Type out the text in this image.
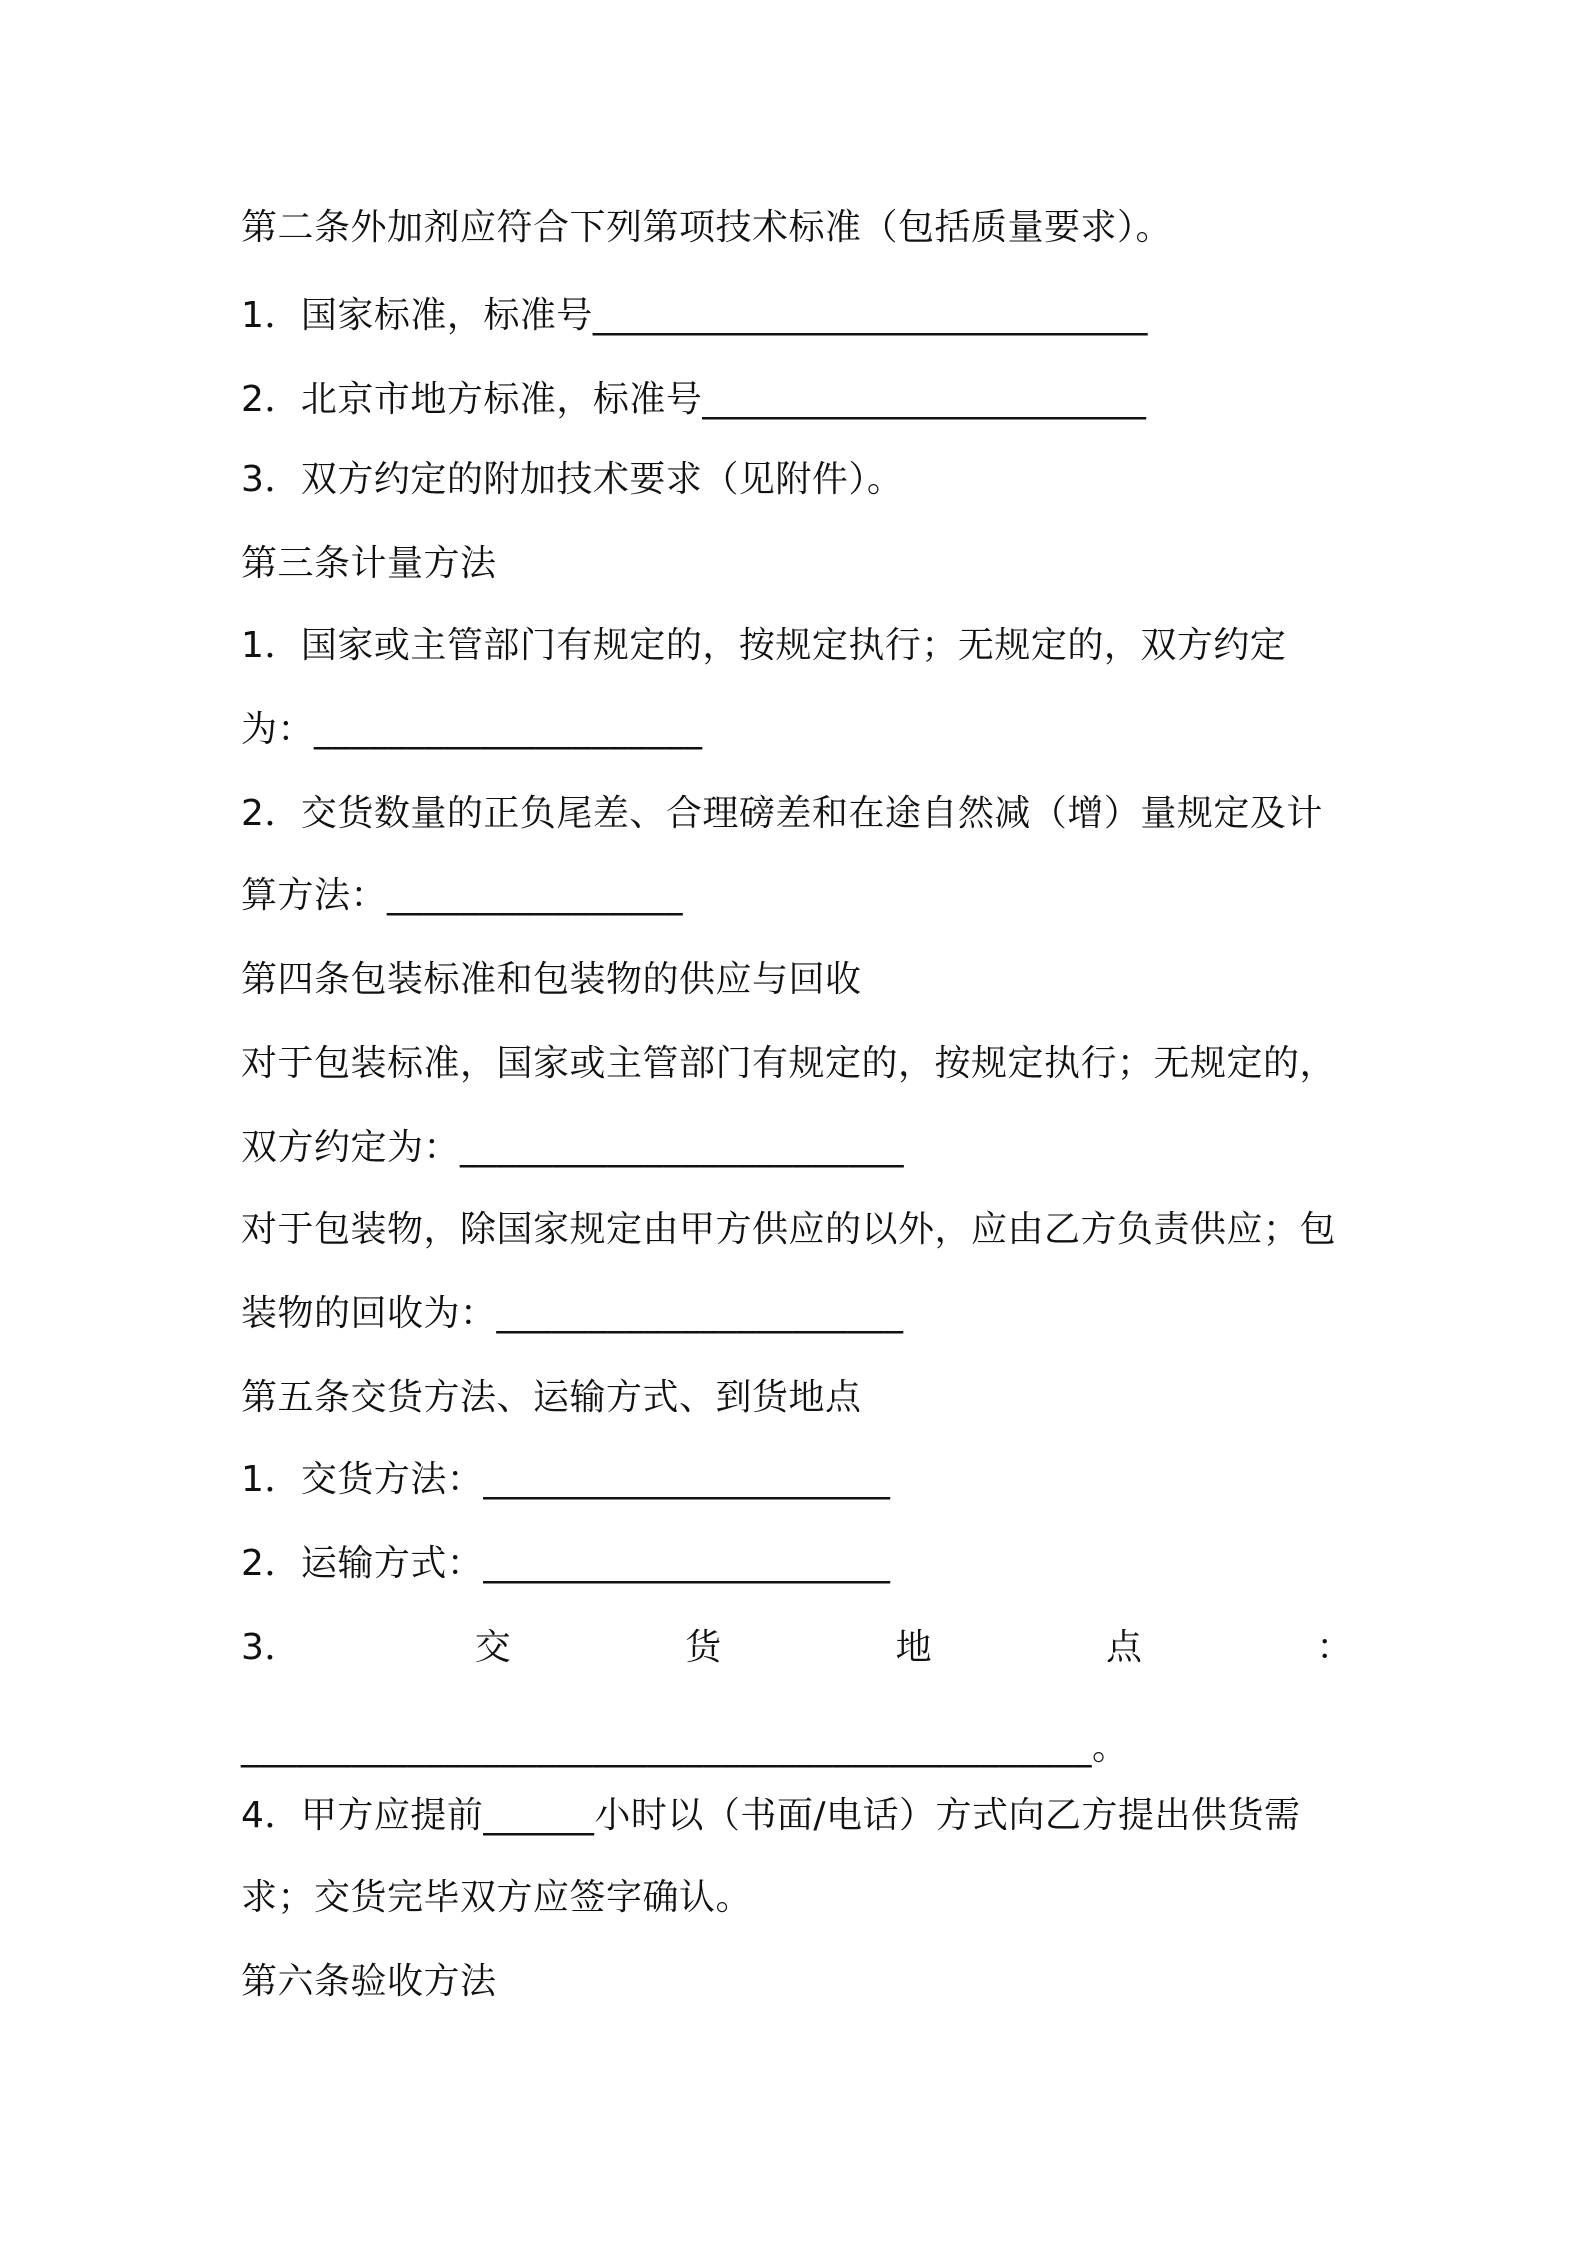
第二条外加剂应符合下列第项技术标准（包括质量要求）。
1．国家标准，标准号______________________________
2．北京市地方标准，标准号________________________
3．双方约定的附加技术要求（见附件）。
第三条计量方法
1．国家或主管部门有规定的，按规定执行；无规定的，双方约定
为：_____________________
2．交货数量的正负尾差、合理磅差和在途自然减（增）量规定及计
算方法：________________
第四条包装标准和包装物的供应与回收
对于包装标准，国家或主管部门有规定的，按规定执行；无规定的，
双方约定为：________________________
对于包装物，除国家规定由甲方供应的以外，应由乙方负责供应；包
装物的回收为：______________________
第五条交货方法、运输方式、到货地点
1．交货方法：______________________
2．运输方式：______________________
3．	交	货	地	点	：
______________________________________________。
4．甲方应提前______小时以（书面/电话）方式向乙方提出供货需
求；交货完毕双方应签字确认。
第六条验收方法
